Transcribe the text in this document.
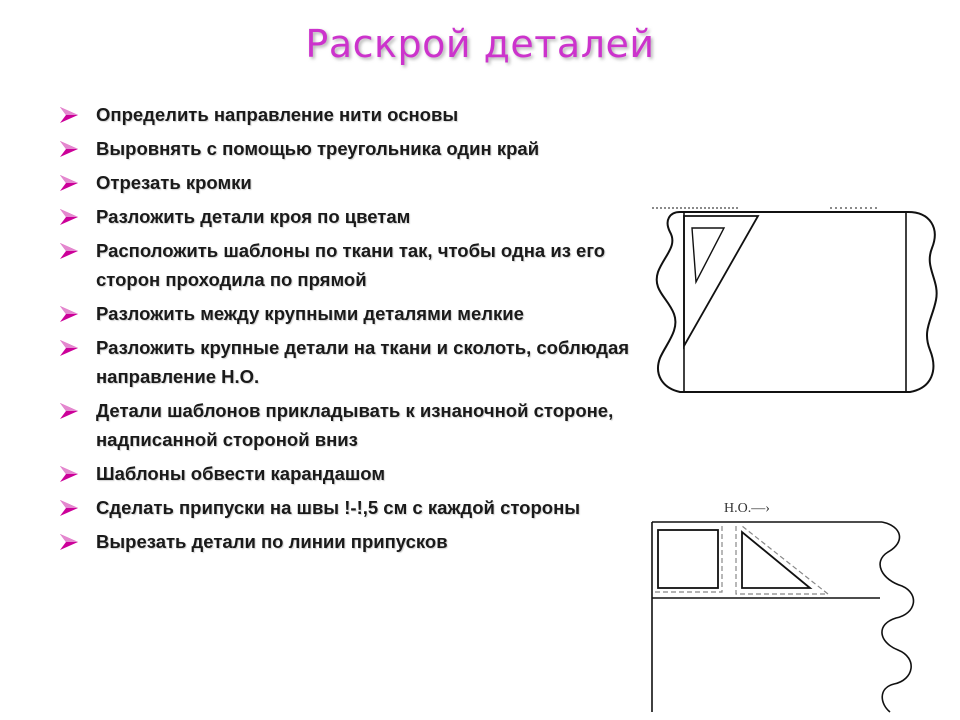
Раскрой деталей
Определить направление нити основы
Выровнять с помощью треугольника один край
Отрезать кромки
Разложить детали кроя по цветам
Расположить шаблоны по ткани так, чтобы одна из его сторон проходила по прямой
Разложить между крупными деталями мелкие
Разложить крупные детали на ткани и сколоть, соблюдая направление Н.О.
Детали шаблонов прикладывать к изнаночной стороне, надписанной стороной вниз
Шаблоны обвести карандашом
Сделать припуски на швы !-!,5 см с каждой стороны
Вырезать детали по линии припусков
Н.О.—›
